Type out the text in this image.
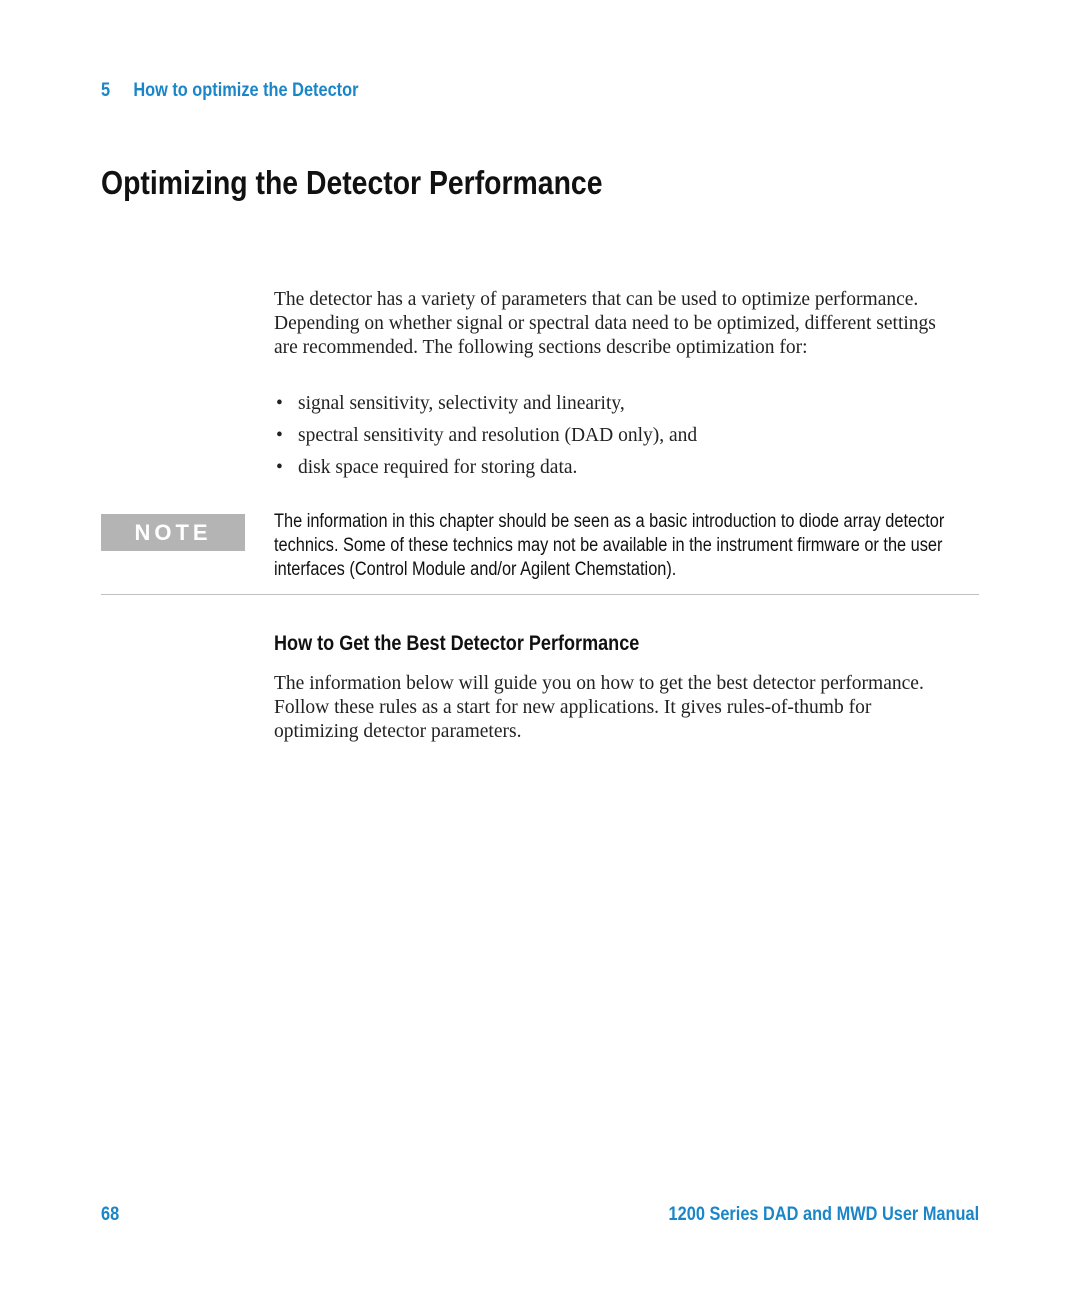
5 How to optimize the Detector
Optimizing the Detector Performance

The detector has a variety of parameters that can be used to optimize performance. Depending on whether signal or spectral data need to be optimized, different settings are recommended. The following sections describe optimization for:

• signal sensitivity, selectivity and linearity,
• spectral sensitivity and resolution (DAD only), and
• disk space required for storing data.
NOTE	The information in this chapter should be seen as a basic introduction to diode array detector technics. Some of these technics may not be available in the instrument firmware or the user interfaces (Control Module and/or Agilent Chemstation).

How to Get the Best Detector Performance

The information below will guide you on how to get the best detector performance. Follow these rules as a start for new applications. It gives rules-of-thumb for optimizing detector parameters.

68	1200 Series DAD and MWD User Manual
